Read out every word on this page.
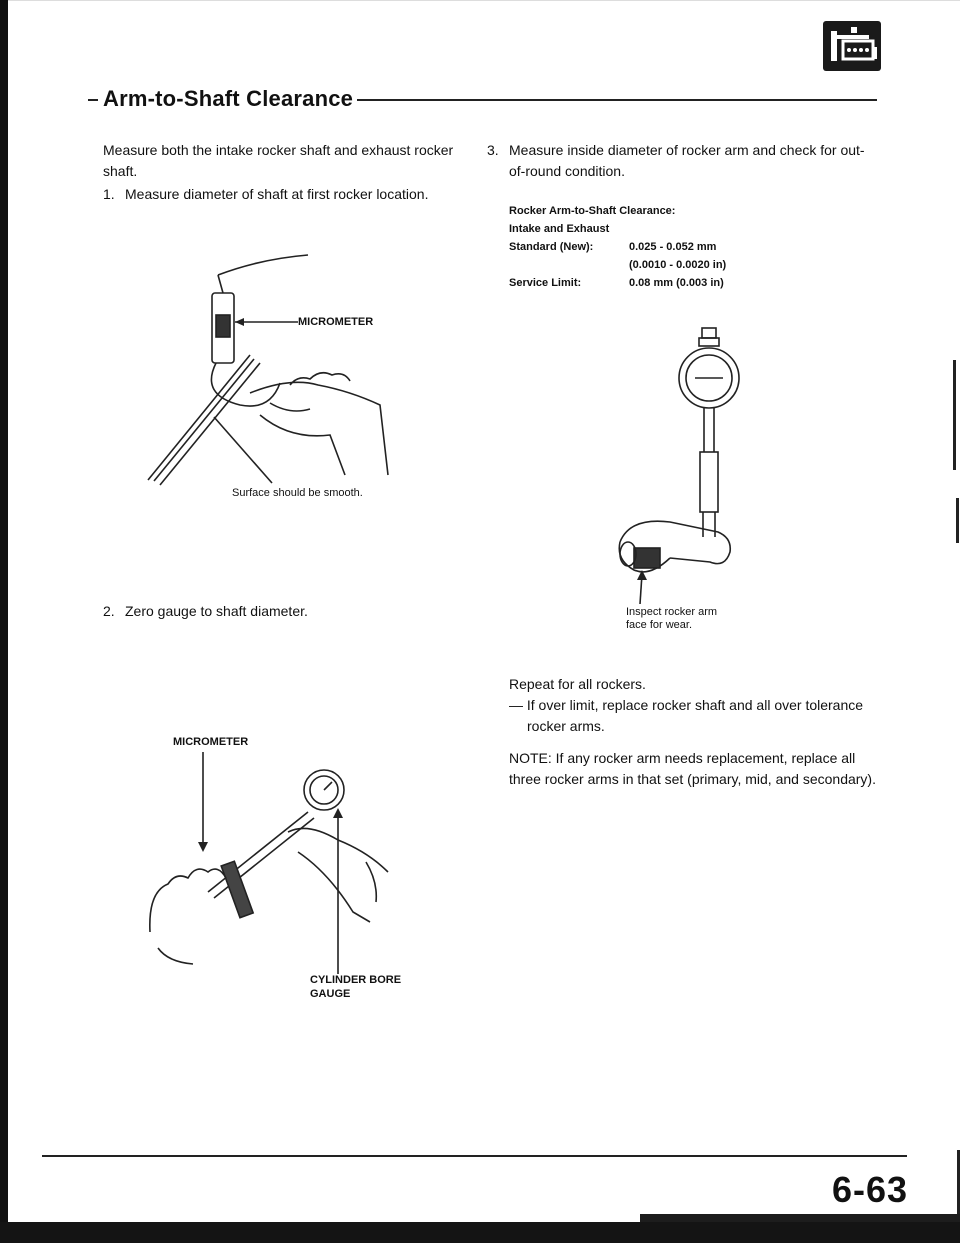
Arm-to-Shaft Clearance
Measure both the intake rocker shaft and exhaust rocker shaft.
1. Measure diameter of shaft at first rocker location.
MICROMETER
Surface should be smooth.
2. Zero gauge to shaft diameter.
MICROMETER
CYLINDER BORE
GAUGE
3. Measure inside diameter of rocker arm and check for out-of-round condition.
Rocker Arm-to-Shaft Clearance:
Intake and Exhaust
Standard (New):	0.025 - 0.052 mm
(0.0010 - 0.0020 in)
Service Limit:	0.08 mm (0.003 in)
Inspect rocker arm
face for wear.
Repeat for all rockers.
— If over limit, replace rocker shaft and all over tolerance rocker arms.
NOTE: If any rocker arm needs replacement, replace all three rocker arms in that set (primary, mid, and secondary).
6-63
